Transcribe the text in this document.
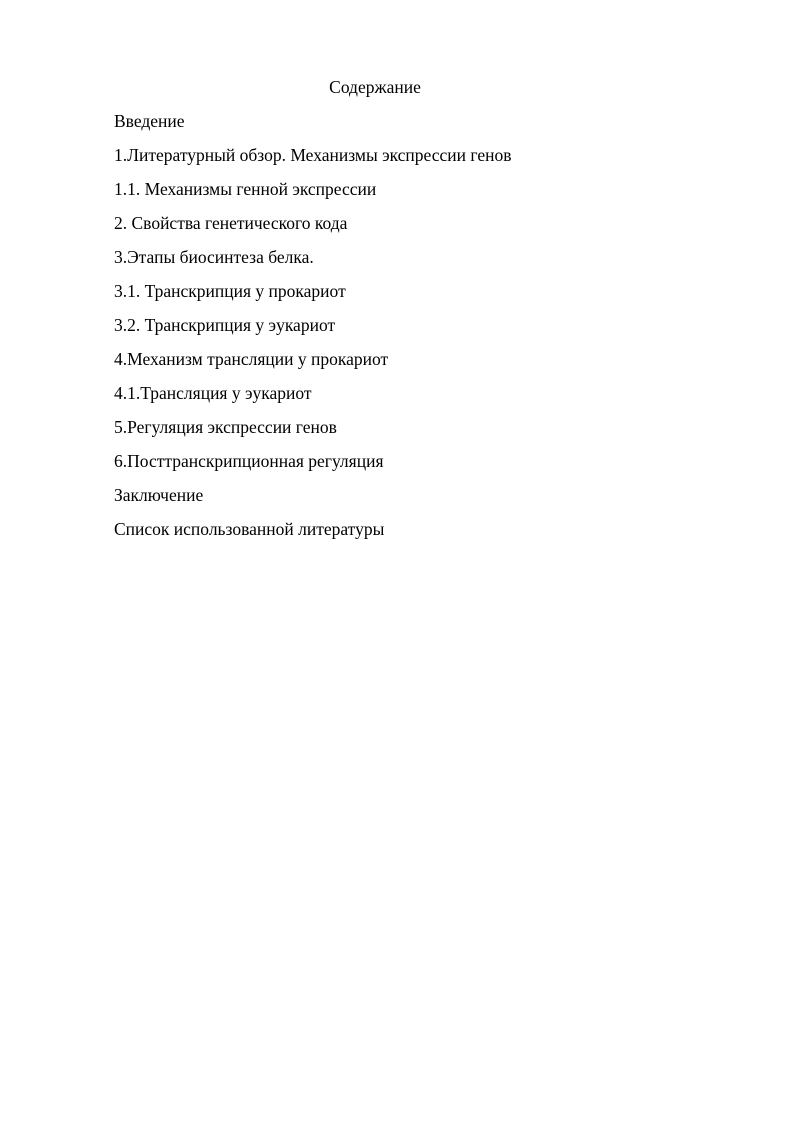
Содержание
Введение
1.Литературный обзор. Механизмы экспрессии генов
1.1. Механизмы генной экспрессии
2. Свойства генетического кода
3.Этапы биосинтеза белка.
3.1. Транскрипция у прокариот
3.2. Транскрипция у эукариот
4.Механизм трансляции у прокариот
4.1.Трансляция у эукариот
5.Регуляция экспрессии генов
6.Посттранскрипционная регуляция
Заключение
Список использованной литературы
